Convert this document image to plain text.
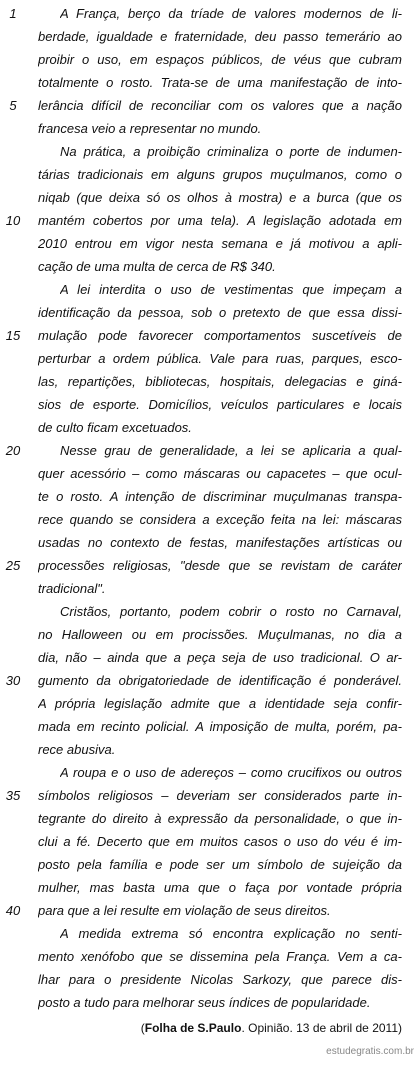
1	A França, berço da tríade de valores modernos de li-
berdade, igualdade e fraternidade, deu passo temerário ao
proibir o uso, em espaços públicos, de véus que cubram
totalmente o rosto. Trata-se de uma manifestação de into-
5	lerância difícil de reconciliar com os valores que a nação
francesa veio a representar no mundo.
Na prática, a proibição criminaliza o porte de indumen-
tárias tradicionais em alguns grupos muçulmanos, como o
niqab (que deixa só os olhos à mostra) e a burca (que os
10	mantém cobertos por uma tela). A legislação adotada em
2010 entrou em vigor nesta semana e já motivou a apli-
cação de uma multa de cerca de R$ 340.
A lei interdita o uso de vestimentas que impeçam a
identificação da pessoa, sob o pretexto de que essa dissi-
15	mulação pode favorecer comportamentos suscetíveis de
perturbar a ordem pública. Vale para ruas, parques, esco-
las, repartições, bibliotecas, hospitais, delegacias e giná-
sios de esporte. Domicílios, veículos particulares e locais
de culto ficam excetuados.
20	Nesse grau de generalidade, a lei se aplicaria a qual-
quer acessório – como máscaras ou capacetes – que ocul-
te o rosto. A intenção de discriminar muçulmanas transpa-
rece quando se considera a exceção feita na lei: máscaras
usadas no contexto de festas, manifestações artísticas ou
25	processões religiosas, "desde que se revistam de caráter
tradicional".
Cristãos, portanto, podem cobrir o rosto no Carnaval,
no Halloween ou em procissões. Muçulmanas, no dia a
dia, não – ainda que a peça seja de uso tradicional. O ar-
30	gumento da obrigatoriedade de identificação é ponderável.
A própria legislação admite que a identidade seja confir-
mada em recinto policial. A imposição de multa, porém, pa-
rece abusiva.
A roupa e o uso de adereços – como crucifixos ou outros
35	símbolos religiosos – deveriam ser considerados parte in-
tegrante do direito à expressão da personalidade, o que in-
clui a fé. Decerto que em muitos casos o uso do véu é im-
posto pela família e pode ser um símbolo de sujeição da
mulher, mas basta uma que o faça por vontade própria
40	para que a lei resulte em violação de seus direitos.
A medida extrema só encontra explicação no senti-
mento xenófobo que se dissemina pela França. Vem a ca-
lhar para o presidente Nicolas Sarkozy, que parece dis-
posto a tudo para melhorar seus índices de popularidade.
(Folha de S.Paulo. Opinião. 13 de abril de 2011)
estudegratis.com.br
